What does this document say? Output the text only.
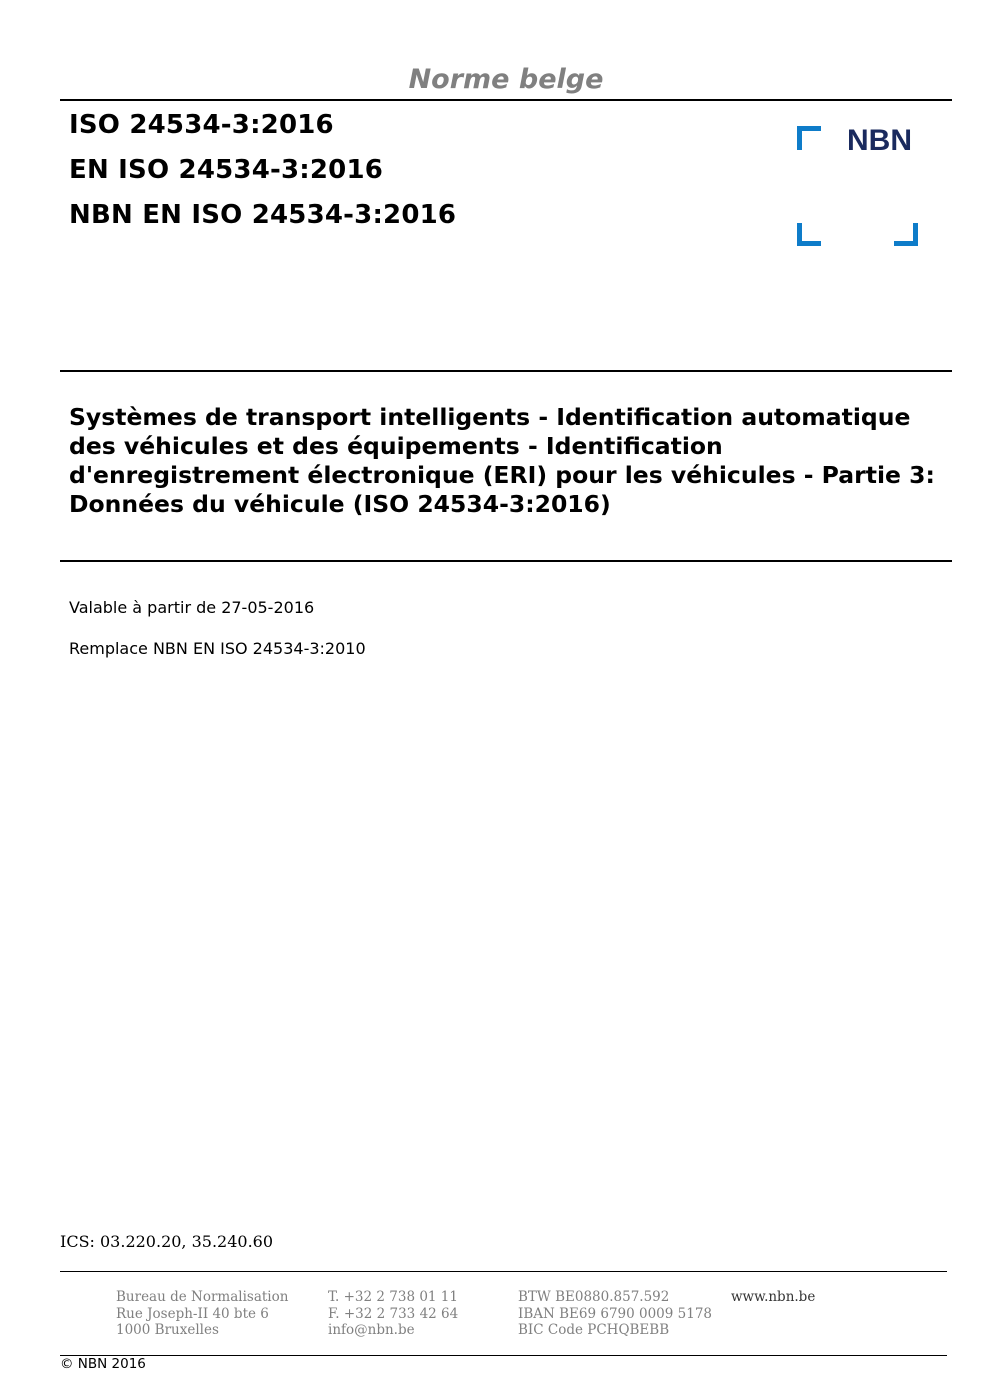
Norme belge
ISO 24534-3:2016
EN ISO 24534-3:2016
NBN EN ISO 24534-3:2016
NBN
Systèmes de transport intelligents - Identification automatique
des véhicules et des équipements - Identification
d'enregistrement électronique (ERI) pour les véhicules - Partie 3:
Données du véhicule (ISO 24534-3:2016)
Valable à partir de 27-05-2016
Remplace NBN EN ISO 24534-3:2010
ICS: 03.220.20, 35.240.60
Bureau de Normalisation
Rue Joseph-II 40 bte 6
1000 Bruxelles
T. +32 2 738 01 11
F. +32 2 733 42 64
info@nbn.be
BTW BE0880.857.592
IBAN BE69 6790 0009 5178
BIC Code PCHQBEBB
www.nbn.be
© NBN 2016
